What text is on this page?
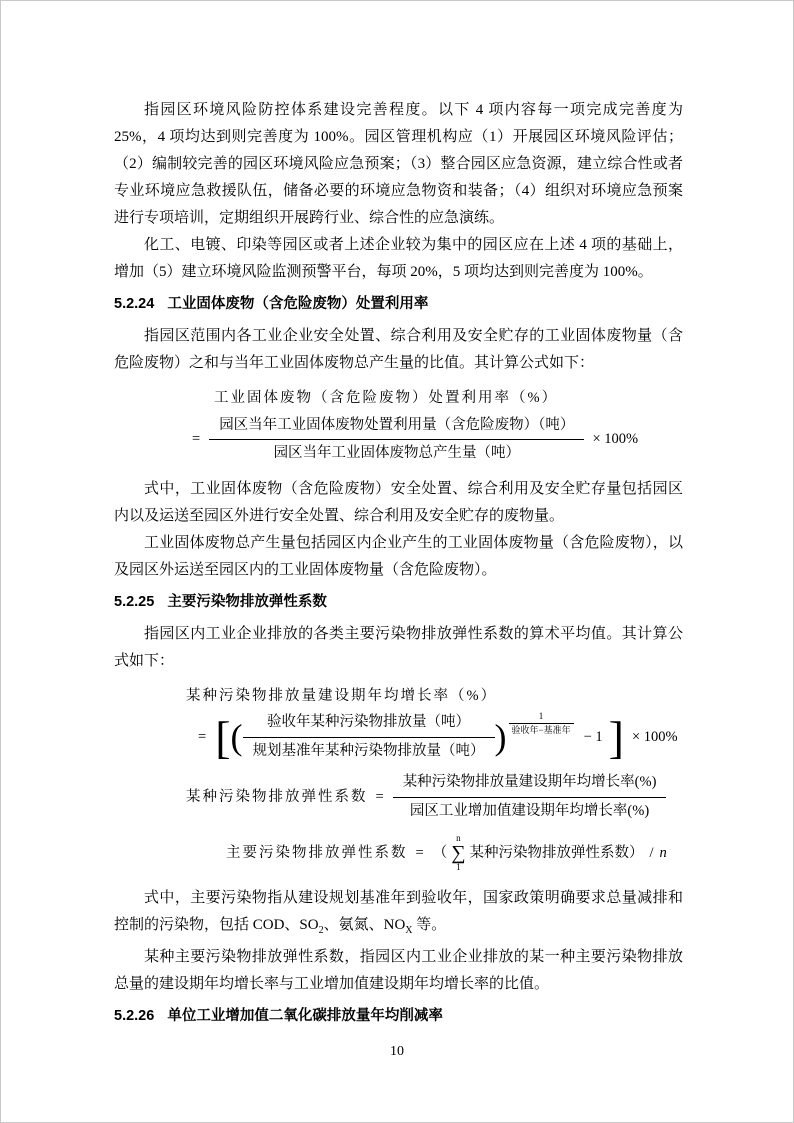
指园区环境风险防控体系建设完善程度。以下 4 项内容每一项完成完善度为 25%，4 项均达到则完善度为 100%。园区管理机构应（1）开展园区环境风险评估；（2）编制较完善的园区环境风险应急预案；（3）整合园区应急资源，建立综合性或者专业环境应急救援队伍，储备必要的环境应急物资和装备；（4）组织对环境应急预案进行专项培训，定期组织开展跨行业、综合性的应急演练。

化工、电镀、印染等园区或者上述企业较为集中的园区应在上述 4 项的基础上，增加（5）建立环境风险监测预警平台，每项 20%，5 项均达到则完善度为 100%。

5.2.24 工业固体废物（含危险废物）处置利用率

指园区范围内各工业企业安全处置、综合利用及安全贮存的工业固体废物量（含危险废物）之和与当年工业固体废物总产生量的比值。其计算公式如下：

工业固体废物（含危险废物）处置利用率（%）
= $\frac{\text{园区当年工业固体废物处置利用量（含危险废物）（吨）}}{\text{园区当年工业固体废物总产生量（吨）}} \times 100\%$

式中，工业固体废物（含危险废物）安全处置、综合利用及安全贮存量包括园区内以及运送至园区外进行安全处置、综合利用及安全贮存的废物量。

工业固体废物总产生量包括园区内企业产生的工业固体废物量（含危险废物），以及园区外运送至园区内的工业固体废物量（含危险废物）。

5.2.25 主要污染物排放弹性系数

指园区内工业企业排放的各类主要污染物排放弹性系数的算术平均值。其计算公式如下：

某种污染物排放量建设期年均增长率（%）
= [ ( $\frac{\text{验收年某种污染物排放量（吨）}}{\text{规划基准年某种污染物排放量（吨）}}$ )
1
验收年−基准年 − 1 ] × 100%
某种污染物排放弹性系数 = $\frac{\text{某种污染物排放量建设期年均增长率(\%)}}{\text{园区工业增加值建设期年均增长率(\%)}}$
主要污染物排放弹性系数 = （
n
∑
1
某种污染物排放弹性系数 ） / n

式中，主要污染物指从建设规划基准年到验收年，国家政策明确要求总量减排和控制的污染物，包括 COD、$SO_2$、氨氮、$NO_X$ 等。

某种主要污染物排放弹性系数，指园区内工业企业排放的某一种主要污染物排放总量的建设期年均增长率与工业增加值建设期年均增长率的比值。

5.2.26 单位工业增加值二氧化碳排放量年均削减率
10
